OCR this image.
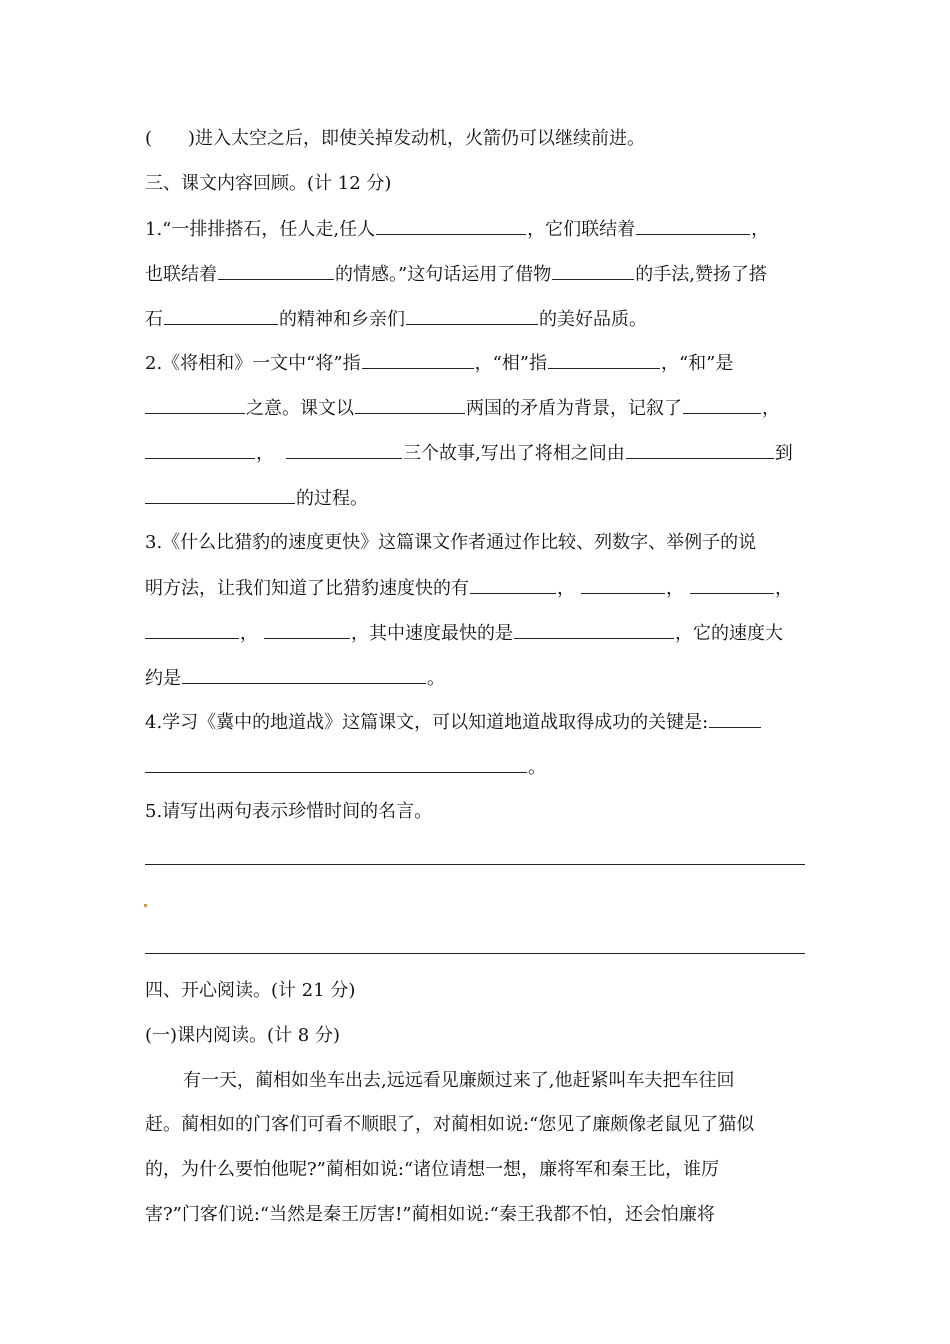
(　　)进入太空之后，即使关掉发动机，火箭仍可以继续前进。
三、课文内容回顾。(计 12 分)
1.“一排排搭石，任人走,任人	，它们联结着	，
也联结着	的情感。”这句话运用了借物	的手法,赞扬了搭
石	的精神和乡亲们	的美好品质。
2.《将相和》一文中“将”指	，“相”指	，“和”是
之意。课文以	两国的矛盾为背景，记叙了	，
，	三个故事,写出了将相之间由	到
的过程。
3.《什么比猎豹的速度更快》这篇课文作者通过作比较、列数字、举例子的说
明方法，让我们知道了比猎豹速度快的有	，	，	，
，	，其中速度最快的是	，它的速度大
约是	。
4.学习《冀中的地道战》这篇课文，可以知道地道战取得成功的关键是:
。
5.请写出两句表示珍惜时间的名言。
四、开心阅读。(计 21 分)
(一)课内阅读。(计 8 分)
有一天，蔺相如坐车出去,远远看见廉颇过来了,他赶紧叫车夫把车往回
赶。蔺相如的门客们可看不顺眼了，对蔺相如说:“您见了廉颇像老鼠见了猫似
的，为什么要怕他呢?”蔺相如说:“诸位请想一想，廉将军和秦王比，谁厉
害?”门客们说:“当然是秦王厉害!”蔺相如说:“秦王我都不怕，还会怕廉将
